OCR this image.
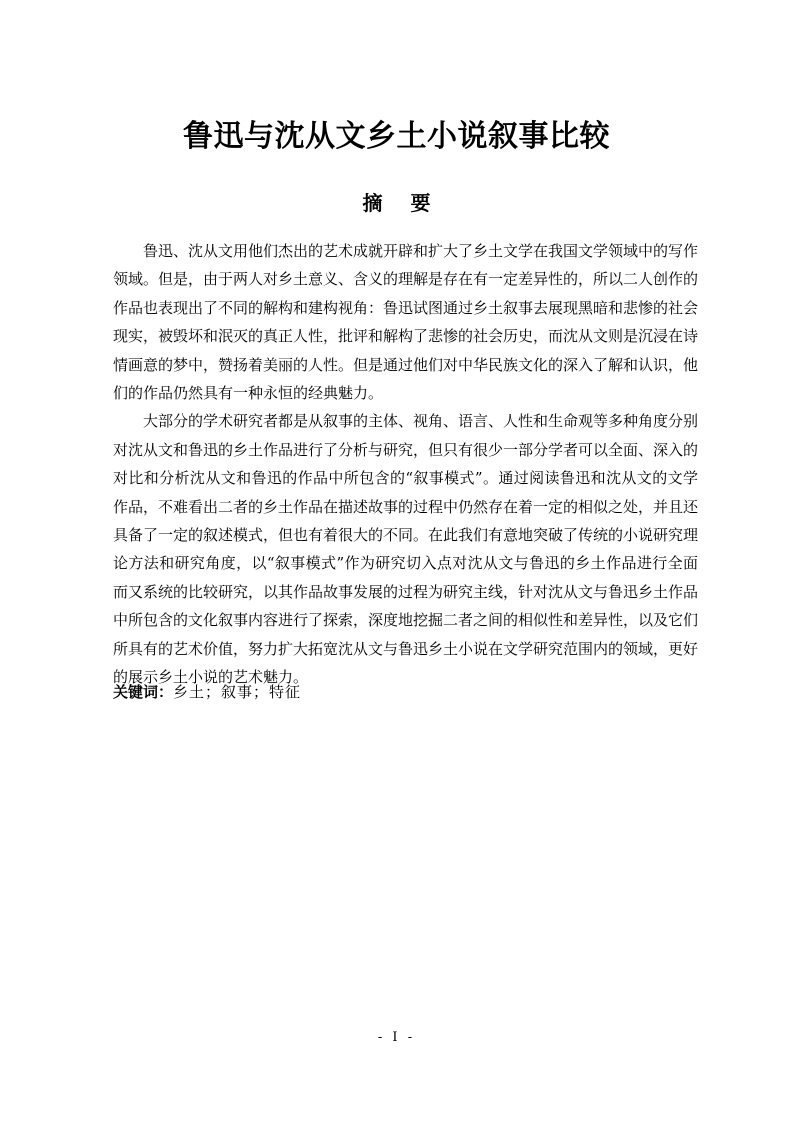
鲁迅与沈从文乡土小说叙事比较
摘要

鲁迅、沈从文用他们杰出的艺术成就开辟和扩大了乡土文学在我国文学领域中的写作领域。但是，由于两人对乡土意义、含义的理解是存在有一定差异性的，所以二人创作的作品也表现出了不同的解构和建构视角：鲁迅试图通过乡土叙事去展现黑暗和悲惨的社会现实，被毁坏和泯灭的真正人性，批评和解构了悲惨的社会历史，而沈从文则是沉浸在诗情画意的梦中，赞扬着美丽的人性。但是通过他们对中华民族文化的深入了解和认识，他们的作品仍然具有一种永恒的经典魅力。

大部分的学术研究者都是从叙事的主体、视角、语言、人性和生命观等多种角度分别对沈从文和鲁迅的乡土作品进行了分析与研究，但只有很少一部分学者可以全面、深入的对比和分析沈从文和鲁迅的作品中所包含的“叙事模式”。通过阅读鲁迅和沈从文的文学作品，不难看出二者的乡土作品在描述故事的过程中仍然存在着一定的相似之处，并且还具备了一定的叙述模式，但也有着很大的不同。在此我们有意地突破了传统的小说研究理论方法和研究角度，以“叙事模式”作为研究切入点对沈从文与鲁迅的乡土作品进行全面而又系统的比较研究，以其作品故事发展的过程为研究主线，针对沈从文与鲁迅乡土作品中所包含的文化叙事内容进行了探索，深度地挖掘二者之间的相似性和差异性，以及它们所具有的艺术价值，努力扩大拓宽沈从文与鲁迅乡土小说在文学研究范围内的领域，更好的展示乡土小说的艺术魅力。

关键词：乡土；叙事；特征
- I -
